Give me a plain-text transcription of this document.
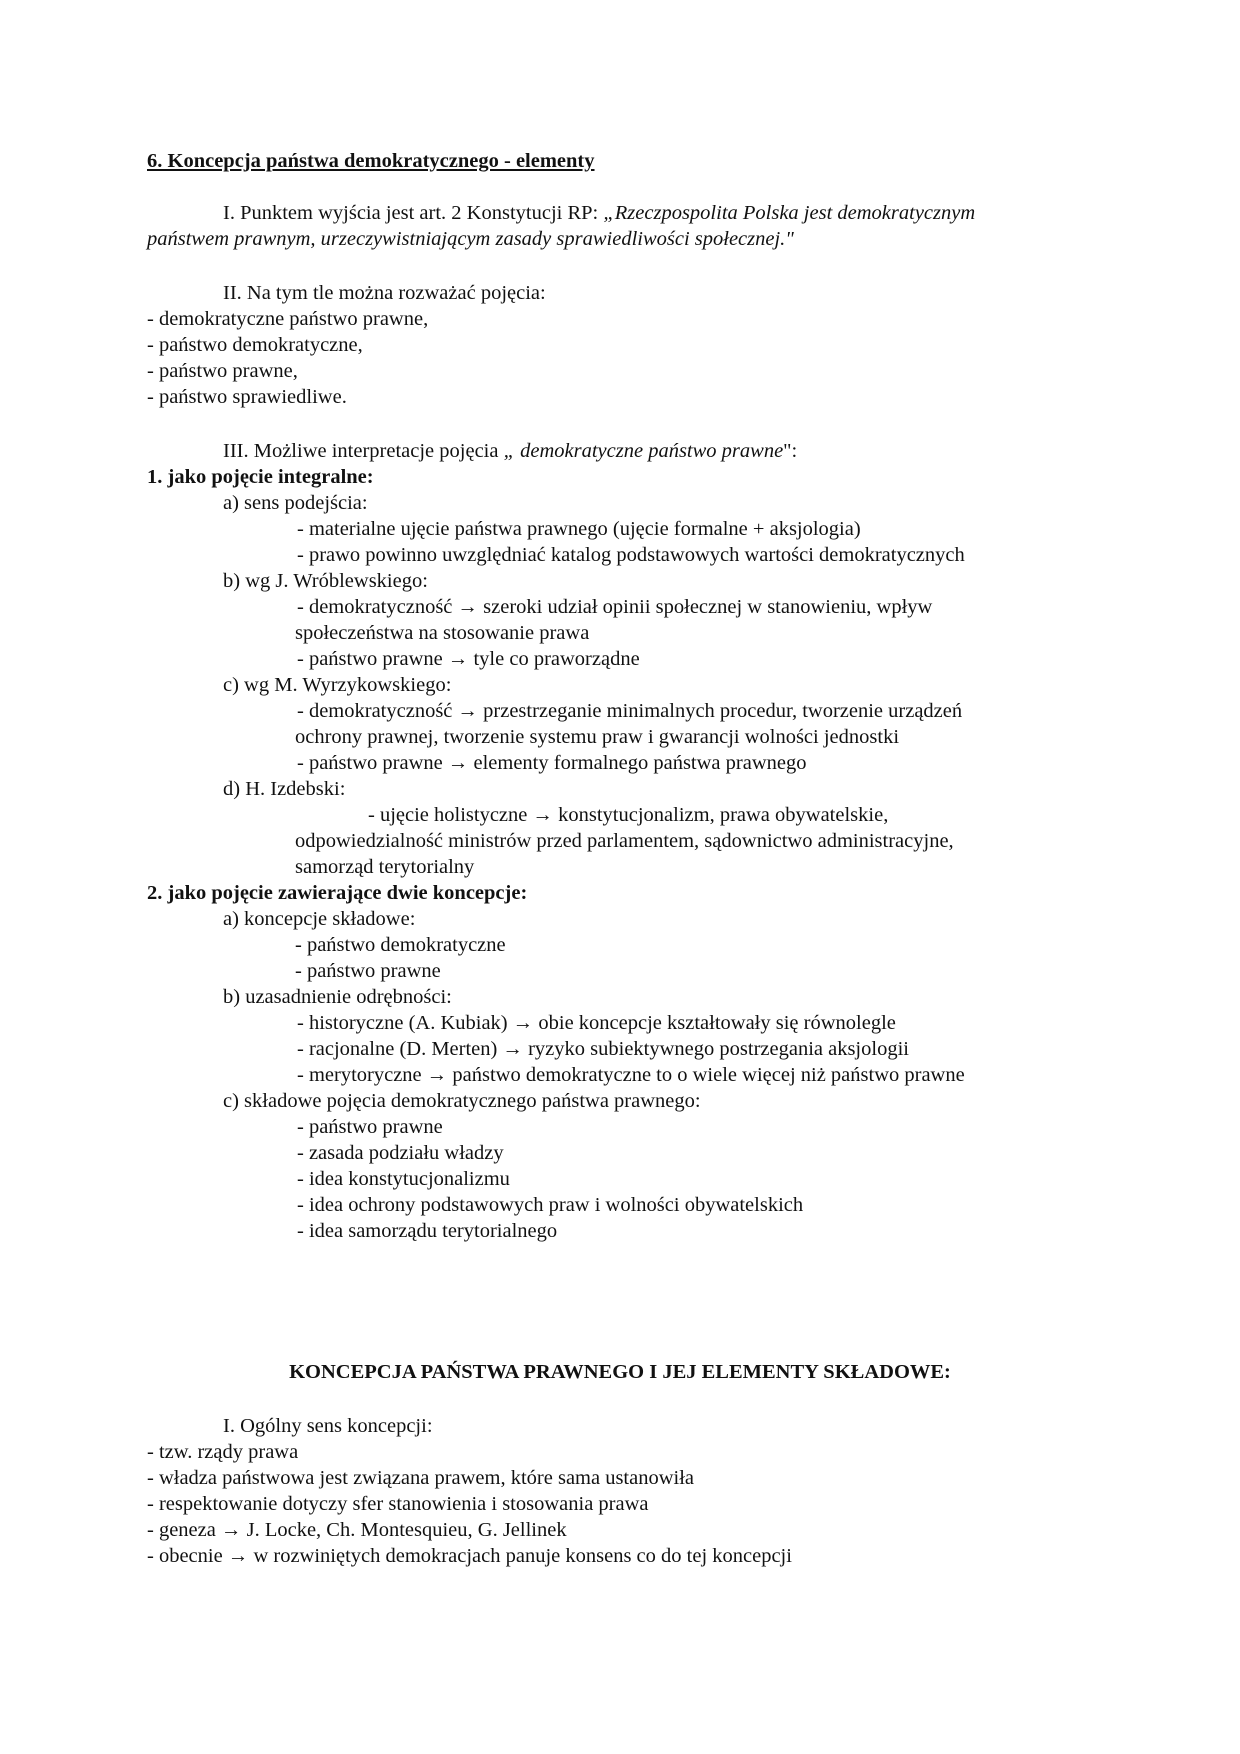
6. Koncepcja państwa demokratycznego - elementy
I. Punktem wyjścia jest art. 2 Konstytucji RP: „Rzeczpospolita Polska jest demokratycznym
państwem prawnym, urzeczywistniającym zasady sprawiedliwości społecznej."
II. Na tym tle można rozważać pojęcia:
- demokratyczne państwo prawne,
- państwo demokratyczne,
- państwo prawne,
- państwo sprawiedliwe.
III. Możliwe interpretacje pojęcia „ demokratyczne państwo prawne":
1. jako pojęcie integralne:
a) sens podejścia:
- materialne ujęcie państwa prawnego (ujęcie formalne + aksjologia)
- prawo powinno uwzględniać katalog podstawowych wartości demokratycznych
b) wg J. Wróblewskiego:
- demokratyczność → szeroki udział opinii społecznej w stanowieniu, wpływ
społeczeństwa na stosowanie prawa
- państwo prawne → tyle co praworządne
c) wg M. Wyrzykowskiego:
- demokratyczność → przestrzeganie minimalnych procedur, tworzenie urządzeń
ochrony prawnej, tworzenie systemu praw i gwarancji wolności jednostki
- państwo prawne → elementy formalnego państwa prawnego
d) H. Izdebski:
- ujęcie holistyczne → konstytucjonalizm, prawa obywatelskie,
odpowiedzialność ministrów przed parlamentem, sądownictwo administracyjne,
samorząd terytorialny
2. jako pojęcie zawierające dwie koncepcje:
a) koncepcje składowe:
- państwo demokratyczne
- państwo prawne
b) uzasadnienie odrębności:
- historyczne (A. Kubiak) → obie koncepcje kształtowały się równolegle
- racjonalne (D. Merten) → ryzyko subiektywnego postrzegania aksjologii
- merytoryczne → państwo demokratyczne to o wiele więcej niż państwo prawne
c) składowe pojęcia demokratycznego państwa prawnego:
- państwo prawne
- zasada podziału władzy
- idea konstytucjonalizmu
- idea ochrony podstawowych praw i wolności obywatelskich
- idea samorządu terytorialnego
KONCEPCJA PAŃSTWA PRAWNEGO I JEJ ELEMENTY SKŁADOWE:
I. Ogólny sens koncepcji:
- tzw. rządy prawa
- władza państwowa jest związana prawem, które sama ustanowiła
- respektowanie dotyczy sfer stanowienia i stosowania prawa
- geneza → J. Locke, Ch. Montesquieu, G. Jellinek
- obecnie → w rozwiniętych demokracjach panuje konsens co do tej koncepcji
